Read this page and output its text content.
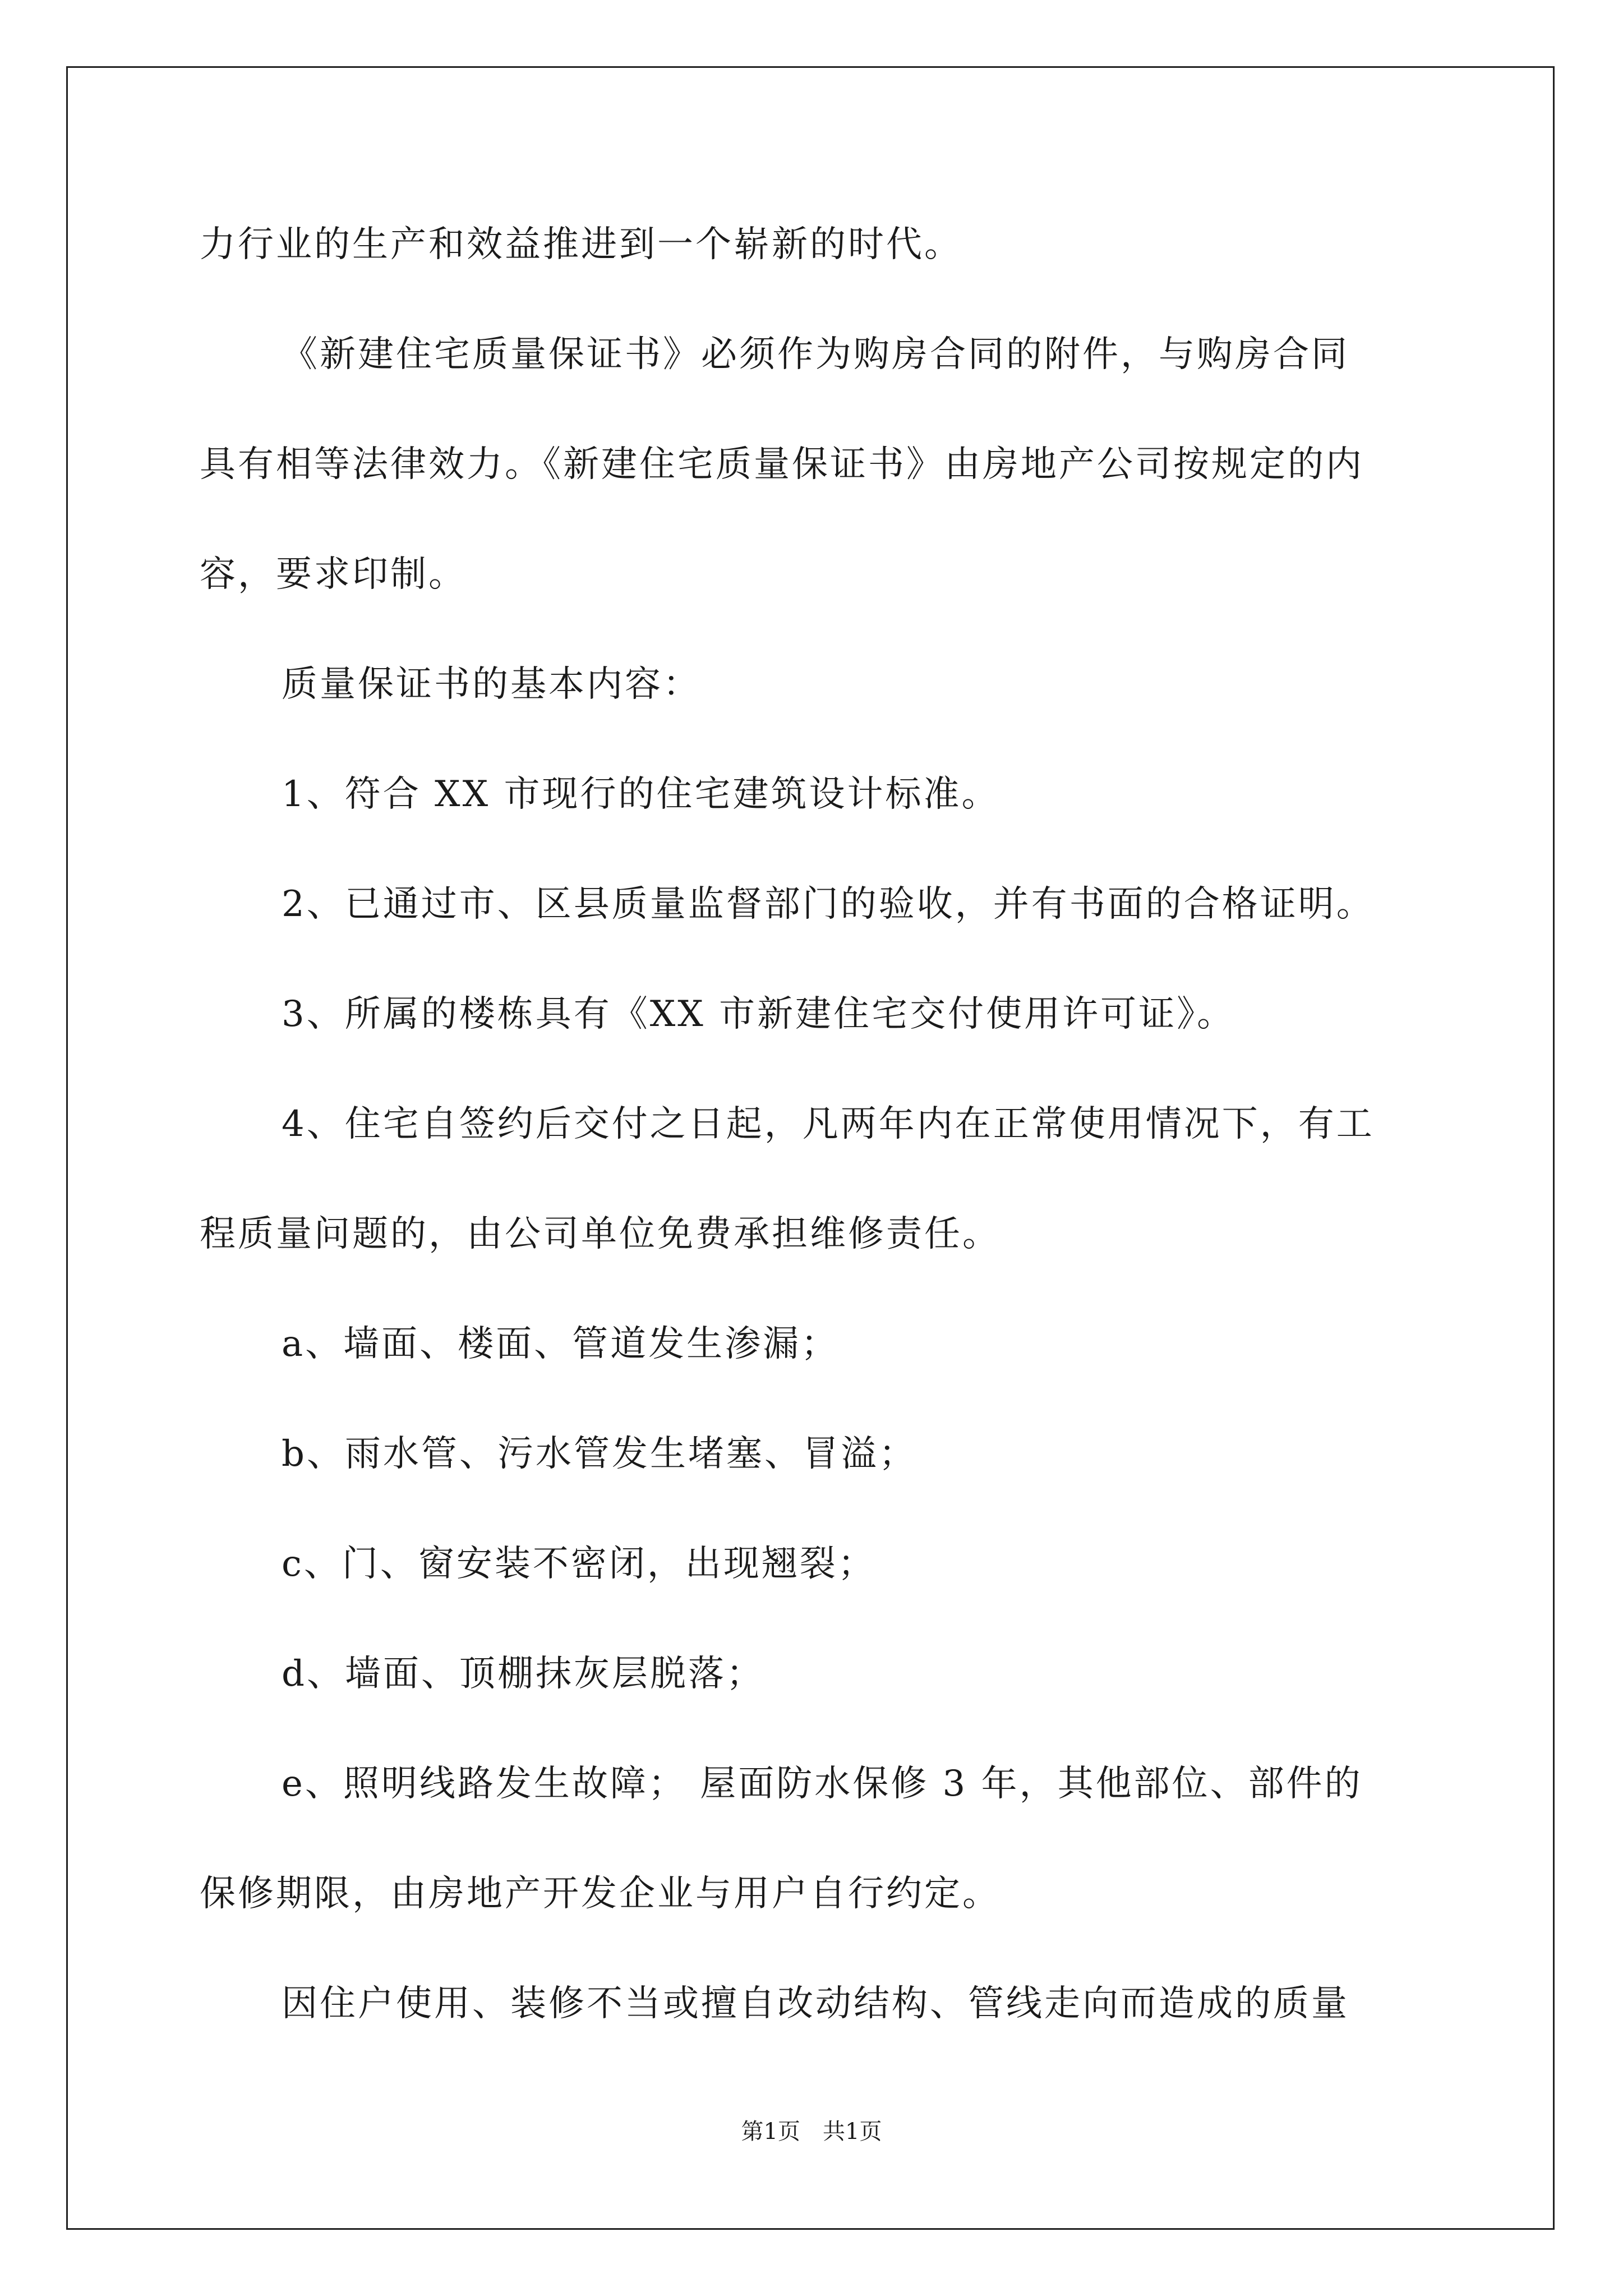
力行业的生产和效益推进到一个崭新的时代。
《新建住宅质量保证书》必须作为购房合同的附件，与购房合同
具有相等法律效力。《新建住宅质量保证书》由房地产公司按规定的内
容，要求印制。
质量保证书的基本内容：
1、符合 XX 市现行的住宅建筑设计标准。
2、已通过市、区县质量监督部门的验收，并有书面的合格证明。
3、所属的楼栋具有《XX 市新建住宅交付使用许可证》。
4、住宅自签约后交付之日起，凡两年内在正常使用情况下，有工
程质量问题的，由公司单位免费承担维修责任。
a、墙面、楼面、管道发生渗漏；
b、雨水管、污水管发生堵塞、冒溢；
c、门、窗安装不密闭，出现翘裂；
d、墙面、顶棚抹灰层脱落；
e、照明线路发生故障； 屋面防水保修 3 年，其他部位、部件的
保修期限，由房地产开发企业与用户自行约定。
因住户使用、装修不当或擅自改动结构、管线走向而造成的质量
第1页　共1页
